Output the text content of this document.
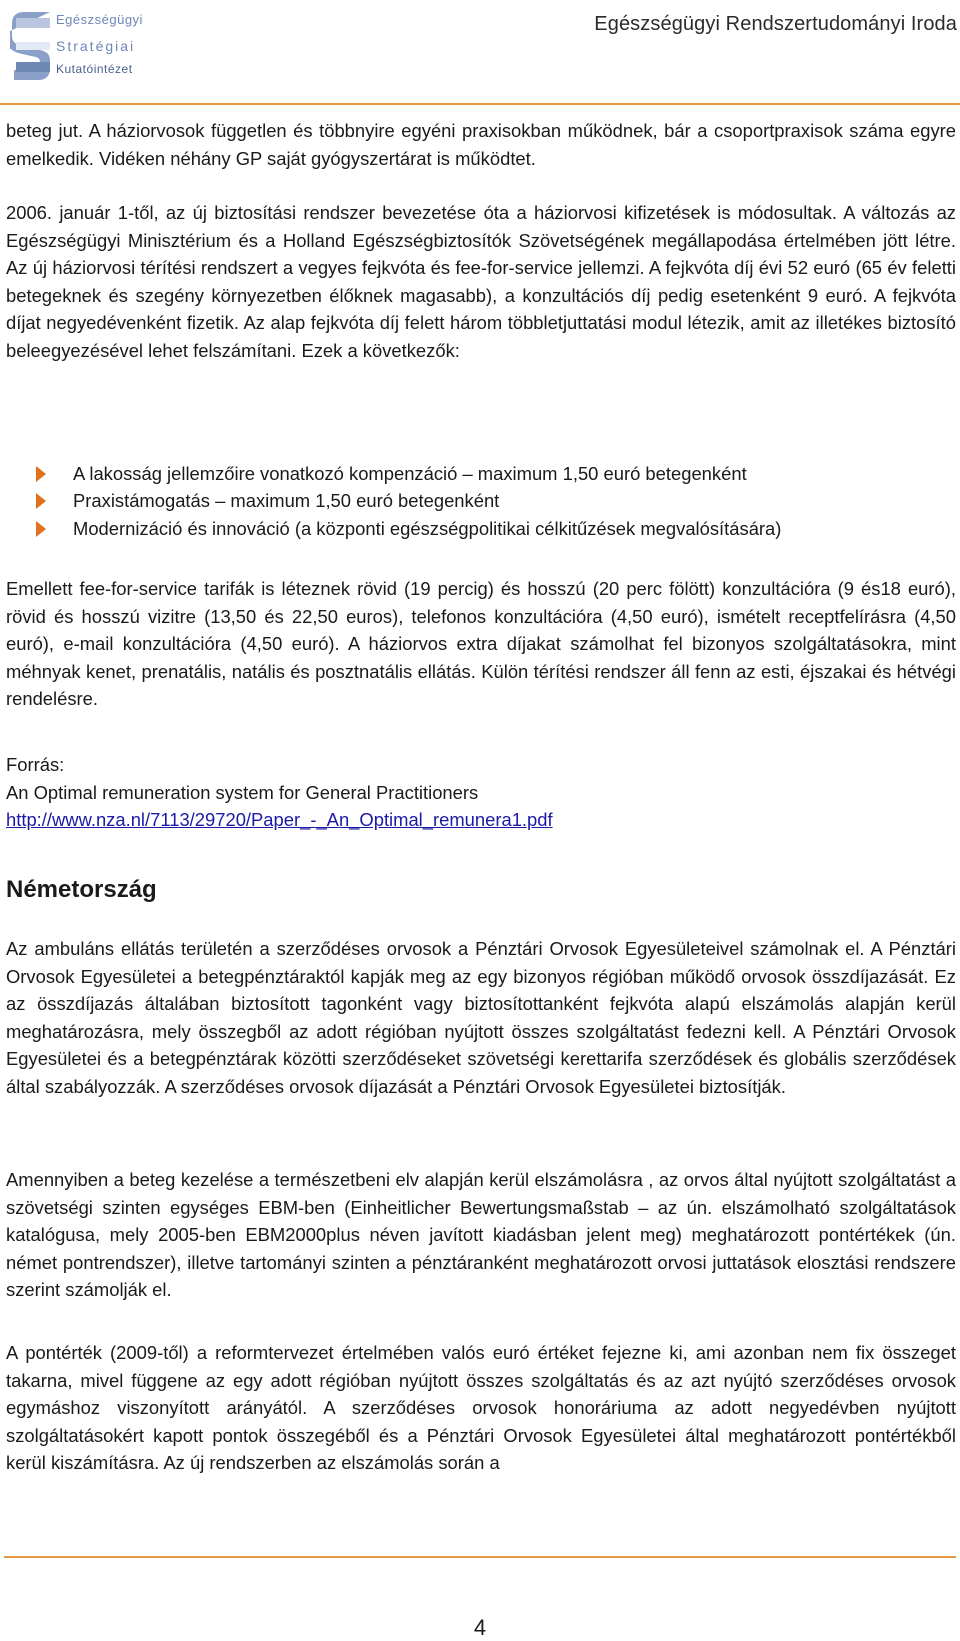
Egészségügyi
Stratégiai
Kutatóintézet
Egészségügyi Rendszertudományi Iroda

beteg jut. A háziorvosok független és többnyire egyéni praxisokban működnek, bár a csoportpraxisok száma egyre emelkedik. Vidéken néhány GP saját gyógyszertárat is működtet.

2006. január 1-től, az új biztosítási rendszer bevezetése óta a háziorvosi kifizetések is módosultak. A változás az Egészségügyi Minisztérium és a Holland Egészségbiztosítók Szövetségének megállapodása értelmében jött létre. Az új háziorvosi térítési rendszert a vegyes fejkvóta és fee-for-service jellemzi. A fejkvóta díj évi 52 euró (65 év feletti betegeknek és szegény környezetben élőknek magasabb), a konzultációs díj pedig esetenként 9 euró. A fejkvóta díjat negyedévenként fizetik. Az alap fejkvóta díj felett három többletjuttatási modul létezik, amit az illetékes biztosító beleegyezésével lehet felszámítani. Ezek a következők:

A lakosság jellemzőire vonatkozó kompenzáció – maximum 1,50 euró betegenként
Praxistámogatás – maximum 1,50 euró betegenként
Modernizáció és innováció (a központi egészségpolitikai célkitűzések megvalósítására)

Emellett fee-for-service tarifák is léteznek rövid (19 percig) és hosszú (20 perc fölött) konzultációra (9 és18 euró), rövid és hosszú vizitre (13,50 és 22,50 euros), telefonos konzultációra (4,50 euró), ismételt receptfelírásra (4,50 euró), e-mail konzultációra (4,50 euró). A háziorvos extra díjakat számolhat fel bizonyos szolgáltatásokra, mint méhnyak kenet, prenatális, natális és posztnatális ellátás. Külön térítési rendszer áll fenn az esti, éjszakai és hétvégi rendelésre.

Forrás:

An Optimal remuneration system for General Practitioners

http://www.nza.nl/7113/29720/Paper_-_An_Optimal_remunera1.pdf

Németország

Az ambuláns ellátás területén a szerződéses orvosok a Pénztári Orvosok Egyesületeivel számolnak el. A Pénztári Orvosok Egyesületei a betegpénztáraktól kapják meg az egy bizonyos régióban működő orvosok összdíjazását. Ez az összdíjazás általában biztosított tagonként vagy biztosítottanként fejkvóta alapú elszámolás alapján kerül meghatározásra, mely összegből az adott régióban nyújtott összes szolgáltatást fedezni kell. A Pénztári Orvosok Egyesületei és a betegpénztárak közötti szerződéseket szövetségi kerettarifa szerződések és globális szerződések által szabályozzák. A szerződéses orvosok díjazását a Pénztári Orvosok Egyesületei biztosítják.

Amennyiben a beteg kezelése a természetbeni elv alapján kerül elszámolásra , az orvos által nyújtott szolgáltatást a szövetségi szinten egységes EBM-ben (Einheitlicher Bewertungsmaßstab – az ún. elszámolható szolgáltatások katalógusa, mely 2005-ben EBM2000plus néven javított kiadásban jelent meg) meghatározott pontértékek (ún. német pontrendszer), illetve tartományi szinten a pénztáranként meghatározott orvosi juttatások elosztási rendszere szerint számolják el.

A pontérték (2009-től) a reformtervezet értelmében valós euró értéket fejezne ki, ami azonban nem fix összeget takarna, mivel függene az egy adott régióban nyújtott összes szolgáltatás és az azt nyújtó szerződéses orvosok egymáshoz viszonyított arányától. A szerződéses orvosok honoráriuma az adott negyedévben nyújtott szolgáltatásokért kapott pontok összegéből és a Pénztári Orvosok Egyesületei által meghatározott pontértékből kerül kiszámításra. Az új rendszerben az elszámolás során a

4
